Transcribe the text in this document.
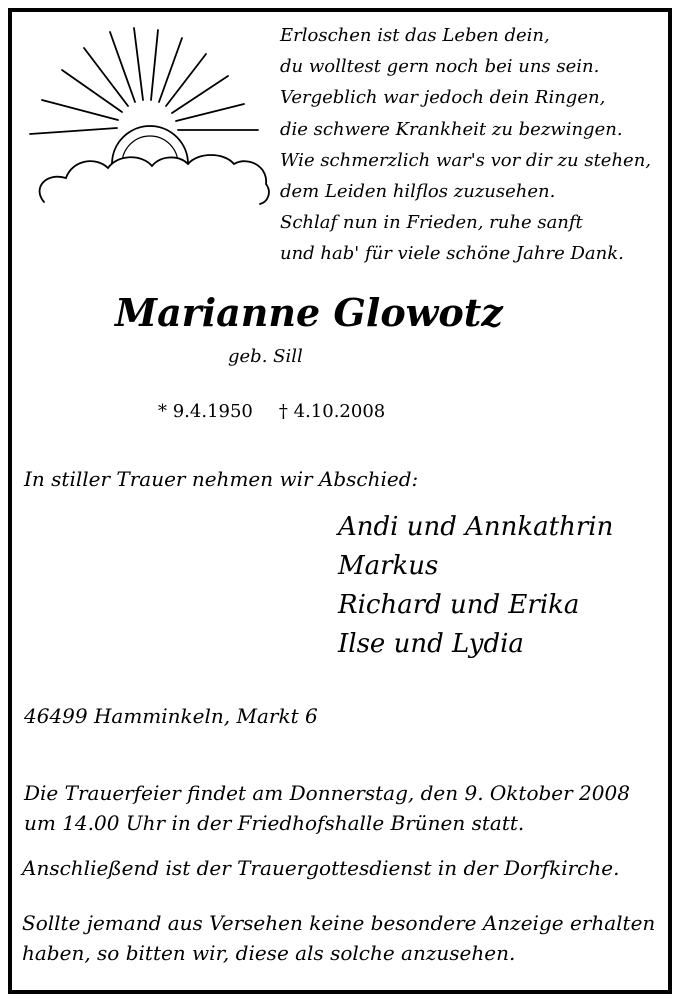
Erloschen ist das Leben dein,

du wolltest gern noch bei uns sein.

Vergeblich war jedoch dein Ringen,

die schwere Krankheit zu bezwingen.

Wie schmerzlich war's vor dir zu stehen,

dem Leiden hilflos zuzusehen.

Schlaf nun in Frieden, ruhe sanft

und hab' für viele schöne Jahre Dank.

Marianne Glowotz

geb. Sill

* 9.4.1950 † 4.10.2008

In stiller Trauer nehmen wir Abschied:

Andi und Annkathrin

Markus

Richard und Erika

Ilse und Lydia

46499 Hamminkeln, Markt 6

Die Trauerfeier findet am Donnerstag, den 9. Oktober 2008

um 14.00 Uhr in der Friedhofshalle Brünen statt.

Anschließend ist der Trauergottesdienst in der Dorfkirche.

Sollte jemand aus Versehen keine besondere Anzeige erhalten

haben, so bitten wir, diese als solche anzusehen.
